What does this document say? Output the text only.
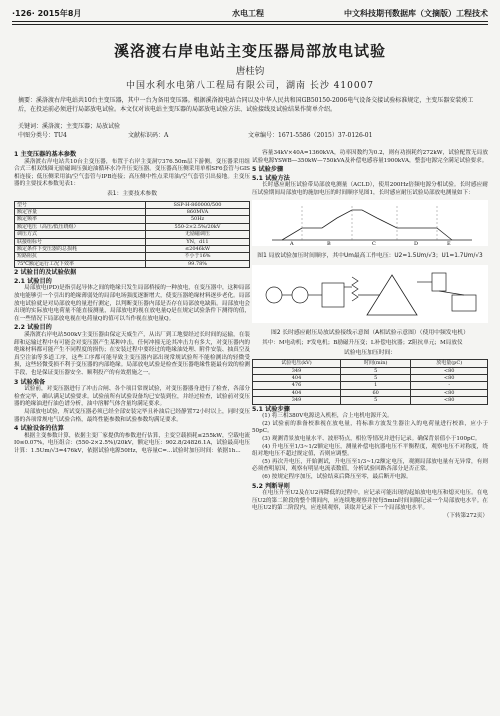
·126· 2015年8月	水电工程	中文科技期刊数据库（文摘版）工程技术
溪洛渡右岸电站主变压器局部放电试验
唐桂钧
中国水利水电第八工程局有限公司，湖南 长沙 410007
摘要：溪洛渡右岸电站共10台主变压器，其中一台为备用变压器。根据溪洛渡电站合同以及中华人民共和国GB50150-2006电气设备交接试验标准规定，主变压器安装竣工后，在投运前必须进行局部放电试验。本文仅对该电站主变压器的局部放电试验方法、试验接线及试验结果作简单介绍。
关键词：溪洛渡；主变压器；局放试验
中图分类号：TU4	文献标识码：A	文章编号：1671-5586（2015）37-0126-01
1 主变压器的基本参数

溪洛渡右岸电站共10台主变压器，布置于右岸主变洞▽376.50m层下游侧。变压器采用组合式三相双线圈无励磁调压强迫油循环水冷升压变压器。变压器高压侧采用单相SF6套管与GIS相连接；低压侧采用油/空气套管与IPB连接；高压侧中性点采用油/空气套管引出接地。主变压器的主要技术参数见表1：

表1：主要技术参数
型号	SSP-H-860000/500
额定容量	860MVA
额定频率	50Hz
额定电压（高压/低压绕组）	550-2×2.5%/20kV
调压方式	无励磁调压
联接组标号	YN，d11
额定条件下变压器的总损耗	≤2046kW
短路阻抗	不小于16%
75℃额定运行工况下效率	99.78%
2 试验目的及试验依据
2.1 试验目的

局部放电(PD)是指引起导体之间的绝缘只发生局部桥接的一种放电，在变压器中，这种局部放电能够引一个引出的绝缘薄弱处的局部电场强度逐渐增大，使变压器绝缘材料逐步老化。局部放电试验就是对局部放电的量进行测定，以判断变压器内部是否存在局部放电缺陷。局部放电会出现的实际放电电荷量不能直接测量，局部放电的视在放电量Q是在规定试验条件下测得的值，在一些情况下局部放电视在电荷量Q的值可以当作视在放电量Q。

2.2 试验目的

溪洛渡右岸电站500kV主变压器由保定天威生产，从出厂到工地要经过长时间的运输，在装卸和运输过程中有可能会对变压器产生某种冲击，任何冲撞无论其冲击力有多大，对变压器内的绝缘材料都可能产生不同程度的损伤；在安装过程中要经过的绝缘油处理、附件安装、抽真空及真空注油等多道工序，这些工序都可能导致主变压器内部出现常规试验所不能检测出的轻微受损，这些轻微受损不利于变压器的内部绝缘。局部放电试验是检查变压器绝缘性能最有效的检测手段，也是保证变压器安全、顺利投产的有效措施之一。

3 试验准备

试验前，对变压器进行了冲击合闸、各个项目常规试验，对变压器器身进行了检查，各部分检查完毕，确认满足试验要求。试验前所有试验设备均已安装到位，并经过检查，试验前对变压器的绝缘油进行油色谱分析，油中溶解气体含量均满足要求。

局部放电试验，所试变压器必须已经全部安装完毕且补油后已经静置72小时以上，同时变压器的各项常规电气试验合格，最终性能参数和试验参数均满足要求。

4 试验设备的估算

根据主变参数计算，依据主变厂家提供的参数进行估算，主变空载损耗≤255kW，空载电流I0≤0.07%，电压组合：(550-2×2.5%)/20kV，额定电压：902.8/24826.1A，试验最高电压计算：1.5Um/√3=476kV，依据试验电源50Hz，电容量C=...试验时加压时间：依据1h...

容量34kV×40A=1360kVA，功率因数约为0.2，则有功损耗约272kW，试验配置无局放试验电源YSWB—350kW—750kVA及补偿电感容量1900kVA，整套电源完全满足试验要求。

5 试验步骤
5.1 试验方法

长时感应耐压试验带局部放电测量（ACLD），使用200Hz倍频电源分相试验。长时感应耐压试验期间局部放电的施加电压的时间顺序见图1，长时感应耐压试验局部放电测量如下：

A	B	C	D	E
图1 局放试验加压时间顺序，其中Um最高工作电压：U2=1.5Um/√3；U1=1.7Um/√3
图2 长时感应耐压局放试验接线示意图（A相试验示意图）（使用中频发电机）

其中：M电动机；F发电机；B励磁升压变；L补偿电抗器；Z阻抗单元；M局放仪

试验电压加压时间：
试验电压(kV)	时间(min)	放电量(pC)
349	5	<80
404	5	<80
476	1	-
404	60	<80
349	5	<80
5.1 试验步骤

(1) 将三相380V电源送入机柜，合上电机电源开关。

(2) 试验前的准备校准视在放电量，将标准方波发生器注入的电荷量进行校准，应小于50pC。

(3) 观测背景放电量水平、波形特点，相位等情况并进行记录。确保背景值小于100pC。

(4) 升电压至1/3~1/2额定电压，测量补偿电抗器电压不平衡程度，观察电压不对称度，绕组对地电压不超过规定值，否则应调整。

(5) 再次升电压，开始测试，升电压至1/3~1/2额定电压，观测局部放电量有无异常，有则必须查明原因，观察有明显电流表数值，分析试验回路各部分是否正常。

(6) 按规定程序加压，试验结束后降压至零，最后断开电源。

5.2 判断导则

在电压升至U2及在U2再降低的过程中，应记录可能出现的起始放电电压和熄灭电压。在电压U2的第二阶段的整个期间内，应连续地观察并按每5min时间间隔记录一个局部放电水平。在电压U2的第二阶段内，应连续观察，读取并记录下一个局部放电水平。

（下转第272页）
